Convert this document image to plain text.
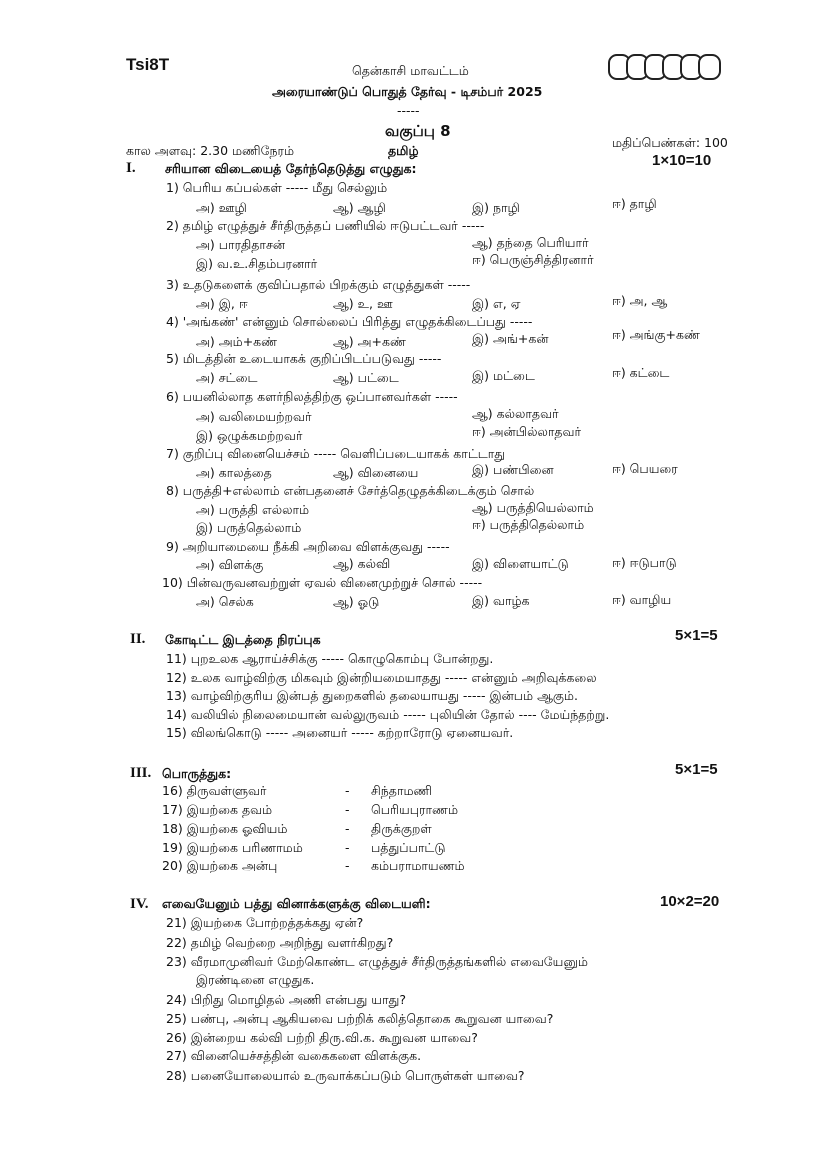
Tsi8T	தென்காசி மாவட்டம்
அரையாண்டுப் பொதுத் தேர்வு - டிசம்பர் 2025
-----
வகுப்பு 8
கால அளவு: 2.30 மணிநேரம்	தமிழ்
மதிப்பெண்கள்: 100
I. சரியான விடையைத் தேர்ந்தெடுத்து எழுதுக:	1×10=10
1) பெரிய கப்பல்கள் ----- மீது செல்லும்
அ) ஊழி	ஆ) ஆழி	இ) நாழி	ஈ) தாழி
2) தமிழ் எழுத்துச் சீர்திருத்தப் பணியில் ஈடுபட்டவர் -----
அ) பாரதிதாசன்	ஆ) தந்தை பெரியார்
இ) வ.உ.சிதம்பரனார்	ஈ) பெருஞ்சித்திரனார்
3) உதடுகளைக் குவிப்பதால் பிறக்கும் எழுத்துகள் -----
அ) இ, ஈ	ஆ) உ, ஊ	இ) எ, ஏ	ஈ) அ, ஆ
4) 'அங்கண்' என்னும் சொல்லைப் பிரித்து எழுதக்கிடைப்பது -----
அ) அம்+கண்	ஆ) அ+கண்	இ) அங்+கன்	ஈ) அங்கு+கண்
5) மிடத்தின் உடையாகக் குறிப்பிடப்படுவது -----
அ) சட்டை	ஆ) பட்டை	இ) மட்டை	ஈ) கட்டை
6) பயனில்லாத களர்நிலத்திற்கு ஒப்பானவர்கள் -----
அ) வலிமையற்றவர்	ஆ) கல்லாதவர்
இ) ஒழுக்கமற்றவர்	ஈ) அன்பில்லாதவர்
7) குறிப்பு வினையெச்சம் ----- வெளிப்படையாகக் காட்டாது
அ) காலத்தை	ஆ) வினையை	இ) பண்பினை	ஈ) பெயரை
8) பருத்தி+எல்லாம் என்பதனைச் சேர்த்தெழுதக்கிடைக்கும் சொல்
அ) பருத்தி எல்லாம்	ஆ) பருத்தியெல்லாம்
இ) பருத்தெல்லாம்	ஈ) பருத்திதெல்லாம்
9) அறியாமையை நீக்கி அறிவை விளக்குவது -----
அ) விளக்கு	ஆ) கல்வி	இ) விளையாட்டு	ஈ) ஈடுபாடு
10) பின்வருவனவற்றுள் ஏவல் வினைமுற்றுச் சொல் -----
அ) செல்க	ஆ) ஓடு	இ) வாழ்க	ஈ) வாழிய
II. கோடிட்ட இடத்தை நிரப்புக	5×1=5
11) புறஉலக ஆராய்ச்சிக்கு ----- கொழுகொம்பு போன்றது.
12) உலக வாழ்விற்கு மிகவும் இன்றியமையாதது ----- என்னும் அறிவுக்கலை
13) வாழ்விற்குரிய இன்பத் துறைகளில் தலையாயது ----- இன்பம் ஆகும்.
14) வலியில் நிலைமையான் வல்லுருவம் ----- புலியின் தோல் ---- மேய்ந்தற்று.
15) விலங்கொடு ----- அனையர் ----- கற்றாரோடு ஏனையவர்.
III. பொருத்துக:	5×1=5
16) திருவள்ளுவர்	- சிந்தாமணி
17) இயற்கை தவம்	- பெரியபுராணம்
18) இயற்கை ஓவியம்	- திருக்குறள்
19) இயற்கை பரிணாமம்	- பத்துப்பாட்டு
20) இயற்கை அன்பு	- கம்பராமாயணம்
IV. எவையேனும் பத்து வினாக்களுக்கு விடையளி:	10×2=20
21) இயற்கை போற்றத்தக்கது ஏன்?
22) தமிழ் வெற்றை அறிந்து வளர்கிறது?
23) வீரமாமுனிவர் மேற்கொண்ட எழுத்துச் சீர்திருத்தங்களில் எவையேனும்
இரண்டினை எழுதுக.
24) பிறிது மொழிதல் அணி என்பது யாது?
25) பண்பு, அன்பு ஆகியவை பற்றிக் கலித்தொகை கூறுவன யாவை?
26) இன்றைய கல்வி பற்றி திரு.வி.க. கூறுவன யாவை?
27) வினையெச்சத்தின் வகைகளை விளக்குக.
28) பனையோலையால் உருவாக்கப்படும் பொருள்கள் யாவை?
